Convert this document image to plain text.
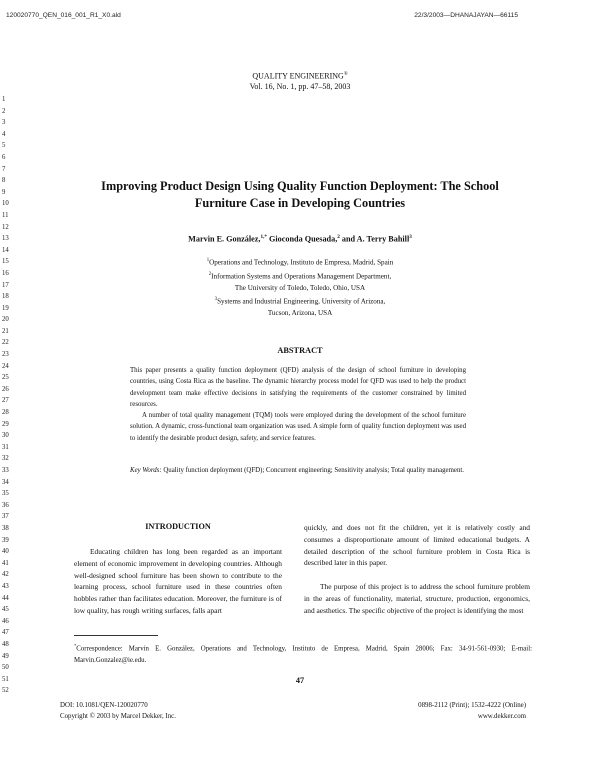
120020770_QEN_016_001_R1_X0.ald	22/3/2003—DHANAJAYAN—66115
QUALITY ENGINEERING®
Vol. 16, No. 1, pp. 47–58, 2003
1
2
3
4
5
6
7
8
9
10
11
12
13
14
15
16
17
18
19
20
21
22
23
24
25
26
27
28
29
30
31
32
33
34
35
36
37
38
39
40
41
42
43
44
45
46
47
48
49
50
51
52
Improving Product Design Using Quality Function Deployment: The School
Furniture Case in Developing Countries
Marvin E. González,$^{1,*}$ Gioconda Quesada,$^2$ and A. Terry Bahill$^3$
$^1$Operations and Technology, Instituto de Empresa, Madrid, Spain
$^2$Information Systems and Operations Management Department,
The University of Toledo, Toledo, Ohio, USA
$^3$Systems and Industrial Engineering, University of Arizona,
Tucson, Arizona, USA
ABSTRACT
This paper presents a quality function deployment (QFD) analysis of the design of school furniture in developing countries, using Costa Rica as the baseline. The dynamic hierarchy process model for QFD was used to help the product development team make effective decisions in satisfying the requirements of the customer constrained by limited resources.
A number of total quality management (TQM) tools were employed during the development of the school furniture solution. A dynamic, cross-functional team organization was used. A simple form of quality function deployment was used to identify the desirable product design, safety, and service features.
Key Words: Quality function deployment (QFD); Concurrent engineering; Sensitivity analysis; Total quality management.
INTRODUCTION
Educating children has long been regarded as an important element of economic improvement in developing countries. Although well-designed school furniture has been shown to contribute to the learning process, school furniture used in these countries often hobbles rather than facilitates education. Moreover, the furniture is of low quality, has rough writing surfaces, falls apart
quickly, and does not fit the children, yet it is relatively costly and consumes a disproportionate amount of limited educational budgets. A detailed description of the school furniture problem in Costa Rica is described later in this paper.
The purpose of this project is to address the school furniture problem in the areas of functionality, material, structure, production, ergonomics, and aesthetics. The specific objective of the project is identifying the most
*Correspondence: Marvin E. González, Operations and Technology, Instituto de Empresa, Madrid, Spain 28006; Fax: 34-91-561-0930; E-mail: Marvin.Gonzalez@ie.edu.
47
DOI: 10.1081/QEN-120020770
Copyright © 2003 by Marcel Dekker, Inc.
0898-2112 (Print); 1532-4222 (Online)
www.dekker.com
